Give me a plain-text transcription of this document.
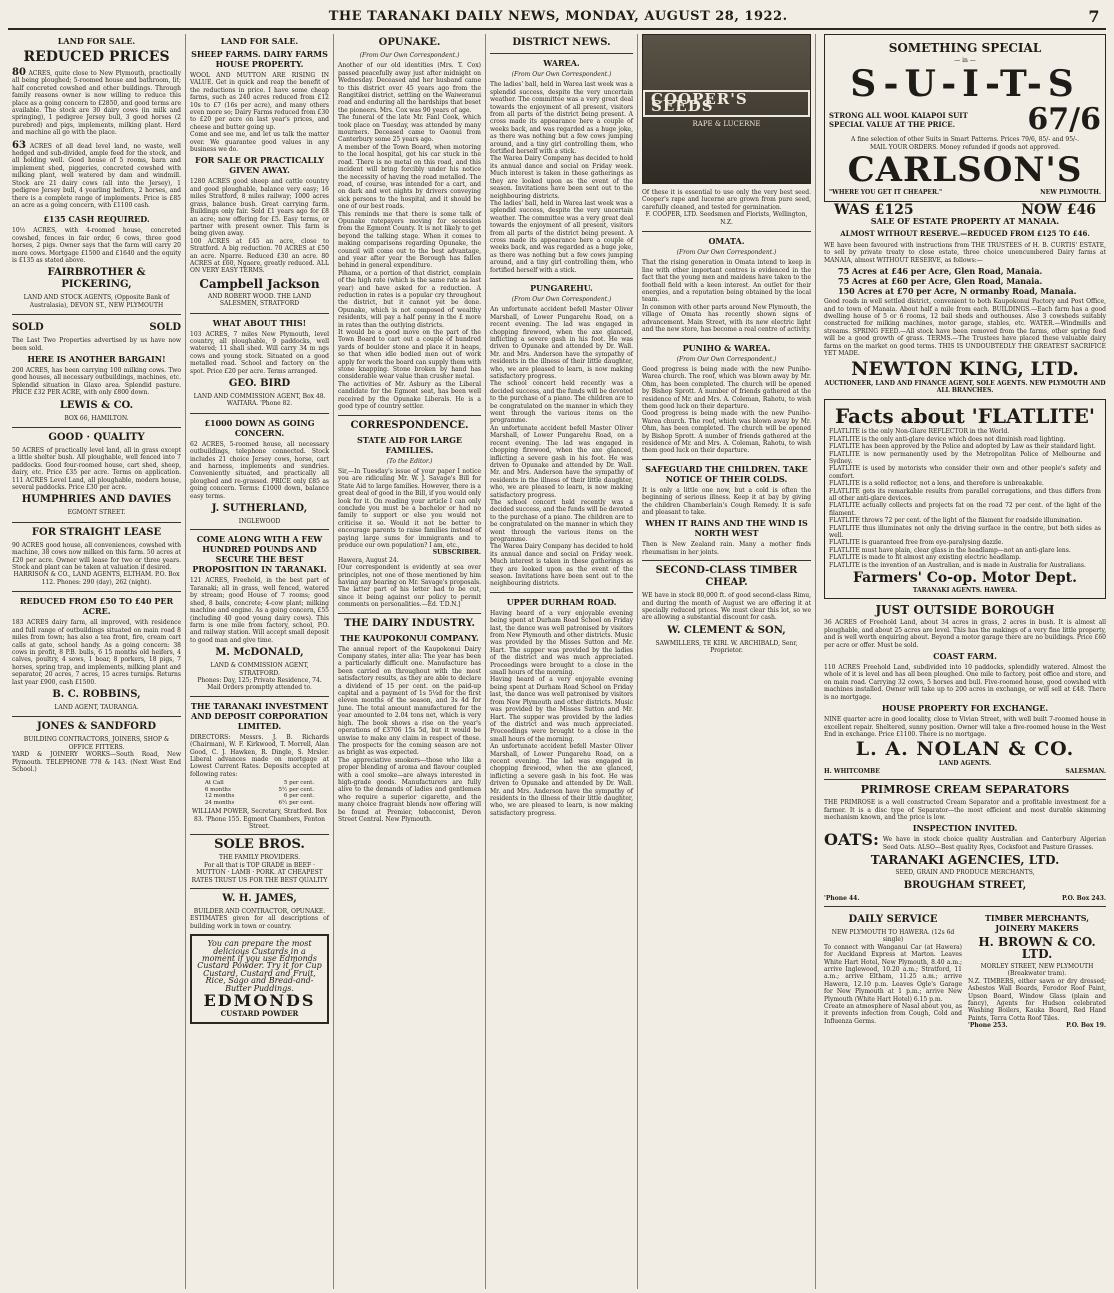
THE TARANAKI DAILY NEWS, MONDAY, AUGUST 28, 1922.	7
LAND FOR SALE.
REDUCED PRICES

80 ACRES, quite close to New Plymouth, practically all being ploughed; 5-roomed house and bathroom, lit; half concreted cowshed and other buildings. Through family reasons owner is now willing to reduce this place as a going concern to £2850, and good terms are available. The stock are 30 dairy cows (in milk and springing), 1 pedigree Jersey bull, 3 good horses (2 purebred) and pigs, implements, milking plant. Herd and machine all go with the place.

63 ACRES of all dead level land, no waste, well hedged and sub-divided, ample feed for the stock, and all holding well. Good house of 5 rooms, barn and implement shed, piggeries, concreted cowshed with milking plant, well watered by dam and windmill. Stock are 21 dairy cows (all into the Jersey), 1 pedigree Jersey bull, 4 yearling heifers, 2 horses, and there is a complete range of implements. Price is £85 an acre as a going concern, with £1100 cash.

£135 CASH REQUIRED.

10½ ACRES, with 4-roomed house, concreted cowshed, fences in fair order, 6 cows, three good horses, 2 pigs. Owner says that the farm will carry 20 more cows. Mortgage £1500 and £1640 and the equity is £135 as stated above.

FAIRBROTHER & PICKERING,
LAND AND STOCK AGENTS, (Opposite Bank of Australasia), DEVON ST., NEW PLYMOUTH
SOLD	SOLD

The Last Two Properties advertised by us have now been sold.

HERE IS ANOTHER BARGAIN!

200 ACRES, has been carrying 100 milking cows. Two good houses, all necessary outbuildings, machines, etc. Splendid situation in Glaxo area. Splendid pasture. PRICE £32 PER ACRE, with only £800 down.

LEWIS & CO.
BOX 66, HAMILTON.
GOOD · QUALITY

50 ACRES of practically level land, all in grass except a little shelter bush. All ploughable, well fenced into 7 paddocks. Good four-roomed house, cart shed, sheep, dairy, etc. Price £35 per acre. Terms on application. 111 ACRES Level Land, all ploughable, modern house, several paddocks. Price £30 per acre.

HUMPHRIES AND DAVIES
EGMONT STREET.
FOR STRAIGHT LEASE

90 ACRES good house, all conveniences, cowshed with machine, 38 cows now milked on this farm. 50 acres at £20 per acre. Owner will lease for two or three years. Stock and plant can be taken at valuation if desired.

HARRISON & CO., LAND AGENTS, ELTHAM. P.O. Box 112. Phones: 290 (day), 262 (night).
REDUCED FROM £50 TO £40 PER ACRE.

183 ACRES dairy farm, all improved, with residence and full range of outbuildings situated on main road 8 miles from town; has also a tea front, fire, cream cart calls at gate, school handy. As a going concern: 38 cows in profit, 8 P.B. bulls, 6 15 months old heifers, 4 calves, poultry, 4 sows, 1 boar, 8 porkers, 18 pigs, 7 horses, spring trap, and implements, milking plant and separator, 20 acres, 7 acres, 15 acres turnips. Returns last year £900, cash £1500.

B. C. ROBBINS,
LAND AGENT, TAURANGA.
JONES & SANDFORD
BUILDING CONTRACTORS, JOINERS, SHOP & OFFICE FITTERS.

YARD & JOINERY WORKS—South Road, New Plymouth. TELEPHONE 778 & 143. (Next West End School.)

LAND FOR SALE.
SHEEP FARMS. DAIRY FARMS HOUSE PROPERTY.

WOOL AND MUTTON ARE RISING IN VALUE. Get in quick and reap the benefit of the reductions in price. I have some cheap farms, such as 240 acres reduced from £12 10s to £7 (16s per acre), and many others even more so; Dairy Farms reduced from £30 to £20 per acre on last year's prices, and cheese and butter going up.

Come and see me, and let us talk the matter over. We guarantee good values in any business we do.

FOR SALE OR PRACTICALLY GIVEN AWAY.

1280 ACRES good sheep and cattle country and good ploughable, balance very easy; 16 miles Stratford, 8 miles railway; 1000 acres grass, balance bush. Great carrying farm. Buildings only fair. Sold £1 years ago for £8 an acre; now offering for £5. Easy terms, or partner with present owner. This farm is being given away.

100 ACRES at £45 an acre, close to Stratford. A big reduction. 70 ACRES at £50 an acre. Nparre. Reduced £30 an acre. 80 ACRES at £60, Ngaere, greatly reduced. ALL ON VERY EASY TERMS.

Campbell Jackson
AND ROBERT WOOD. THE LAND SALESMEN, STRATFORD
WHAT ABOUT THIS!

103 ACRES, 7 miles New Plymouth, level country, all ploughable, 9 paddocks, well watered; 11 shall shed. Will carry 34 m ngs cows and young stock. Situated on a good metalled road. School and factory on the spot. Price £20 per acre. Terms arranged.

GEO. BIRD
LAND AND COMMISSION AGENT, Box 48. WAITARA. 'Phone 82.
£1000 DOWN AS GOING CONCERN.

62 ACRES, 5-roomed house, all necessary outbuildings, telephone connected. Stock includes 21 choice Jersey cows, horse, cart and harness, implements and sundries. Conveniently situated, and practically all ploughed and re-grassed. PRICE only £85 as going concern. Terms: £1000 down, balance easy terms.

J. SUTHERLAND,
INGLEWOOD
COME ALONG WITH A FEW HUNDRED POUNDS AND SECURE THE BEST PROPOSITION IN TARANAKI.

121 ACRES, Freehold, in the best part of Taranaki; all in grass, well fenced, watered by stream; good House of 7 rooms; good shed, 8 bails, concrete; 4-cow plant; milking machine and engine. As a going concern, £55 (including 40 good young dairy cows). This farm is one mile from factory, school, P.O. and railway station. Will accept small deposit to good man and give time.

M. McDONALD,
LAND & COMMISSION AGENT, STRATFORD.

Phones: Day, 125; Private Residence, 74. Mail Orders promptly attended to.

THE TARANAKI INVESTMENT AND DEPOSIT CORPORATION LIMITED.

DIRECTORS: Messrs. J. B. Richards (Chairman), W. F. Kirkwood, T. Morrell, Alan Good, C. J. Hawken, R. Dingle, S. Mrsler. Liberal advances made on mortgage at Lowest Current Rates. Deposits accepted at following rates:

At Call	5 per cent.
6 months	5½ per cent.
12 months	6 per cent.
24 months	6½ per cent.

WILLIAM POWER, Secretary, Stratford. Box 83. 'Phone 155. Egmont Chambers, Fenton Street.

SOLE BROS.
THE FAMILY PROVIDERS.

For all that is TOP GRADE in BEEF · MUTTON · LAMB · PORK. AT CHEAPEST RATES TRUST US FOR THE BEST QUALITY

W. H. JAMES,
BUILDER AND CONTRACTOR, OPUNAKE.

ESTIMATES given for all descriptions of building work in town or country.

You can prepare the most delicious Custards in a moment if you use Edmonds Custard Powder. Try it for Cup Custard, Custard and Fruit, Rice, Sago and Bread-and-Butter Puddings.
EDMONDS
CUSTARD POWDER
OPUNAKE.
(From Our Own Correspondent.)

Another of our old identities (Mrs. T. Cox) passed peacefully away just after midnight on Wednesday. Deceased and her husband came to this district over 45 years ago from the Rangitikei district, settling on the Waiweranui road and enduring all the hardships that beset the pioneers. Mrs. Cox was 90 years of age.

The funeral of the late Mr. Fanl Cook, which took place on Tuesday, was attended by many mourners. Deceased came to Oaonui from Canterbury some 25 years ago.

A member of the Town Board, when motoring to the local hospital, got his car stuck in the road. There is no metal on this road, and this incident will bring forcibly under his notice the necessity of having the road metalled. The road, of course, was intended for a cart, and on dark and wet nights by drivers conveying sick persons to the hospital, and it should be one of our best roads.

This reminds me that there is some talk of Opunake ratepayers moving for secession from the Egmont County. It is not likely to get beyond the talking stage. When it comes to making comparisons regarding Opunake, the council will come out to the best advantage, and year after year the Borough has fallen behind in general expenditure.

Pihama, or a portion of that district, complain of the high rate (which is the same rate as last year) and have asked for a reduction. A reduction in rates is a popular cry throughout the district, but it cannot yet be done. Opunake, which is not composed of wealthy residents, will pay a half penny in the £ more in rates than the outlying districts.

It would be a good move on the part of the Town Board to cart out a couple of hundred yards of boulder stone and place it in heaps, so that when idle bodied men out of work apply for work the board can supply them with stone knapping. Stone broken by hand has considerable wear value than crusher metal.

The activities of Mr. Asbury as the Liberal candidate for the Egmont seat, has been well received by the Opunake Liberals. He is a good type of country settler.

CORRESPONDENCE.
STATE AID FOR LARGE FAMILIES.
(To the Editor.)

Sir,—In Tuesday's issue of your paper I notice you are ridiculing Mr. W. J. Savage's Bill for State Aid to large families. However, there is a great deal of good in the Bill, if you would only look for it. On reading your article I can only conclude you must be a bachelor or had no family to support or else you would not criticise it so. Would it not be better to encourage parents to raise families instead of paying large sums for immigrants and to produce our own population? I am, etc.,

SUBSCRIBER.

Hawera, August 24.

[Our correspondent is evidently at sea over principles, not one of those mentioned by him having any bearing on Mr. Savage's proposals. The latter part of his letter had to be cut, since it being against our policy to permit comments on personalities.—Ed. T.D.N.]

THE DAIRY INDUSTRY.
THE KAUPOKONUI COMPANY.

The annual report of the Kaupokonui Dairy Company states, inter alia: The year has been a particularly difficult one. Manufacture has been carried on throughout with the most satisfactory results, as they are able to declare a dividend of 15 per cent. on the paid-up capital and a payment of 1s 5¼d for the first eleven months of the season, and 3s 4d for June. The total amount manufactured for the year amounted to 2.04 tons net, which is very high. The book shows a rise on the year's operations of £3706 15s 5d, but it would be unwise to make any claim in respect of these. The prospects for the coming season are not as bright as was expected.

The appreciative smokers—those who like a proper blending of aroma and flavour coupled with a cool smoke—are always interested in high-grade goods. Manufacturers are fully alive to the demands of ladies and gentlemen who require a superior cigarette, and the many choice fragrant blends now offering will be found at Premier, tobacconist, Devon Street Central. New Plymouth.

DISTRICT NEWS.
WAREA.
(From Our Own Correspondent.)

The ladies' ball, held in Warea last week was a splendid success, despite the very uncertain weather. The committee was a very great deal towards the enjoyment of all present, visitors from all parts of the district being present. A cross made its appearance here a couple of weeks back, and was regarded as a huge joke, as there was nothing but a few cows jumping around, and a tiny girl controlling them, who fortified herself with a stick.

The Warea Dairy Company has decided to hold its annual dance and social on Friday week. Much interest is taken in these gatherings as they are looked upon as the event of the season. Invitations have been sent out to the neighbouring districts.

The ladies' ball, held in Warea last week was a splendid success, despite the very uncertain weather. The committee was a very great deal towards the enjoyment of all present, visitors from all parts of the district being present. A cross made its appearance here a couple of weeks back, and was regarded as a huge joke, as there was nothing but a few cows jumping around, and a tiny girl controlling them, who fortified herself with a stick.

PUNGAREHU.
(From Our Own Correspondent.)

An unfortunate accident befell Master Oliver Marshall, of Lower Pungarehu Road, on a recent evening. The lad was engaged in chopping firewood, when the axe glanced, inflicting a severe gash in his foot. He was driven to Opunake and attended by Dr. Wall. Mr. and Mrs. Anderson have the sympathy of residents in the illness of their little daughter, who, we are pleased to learn, is now making satisfactory progress.

The school concert held recently was a decided success, and the funds will be devoted to the purchase of a piano. The children are to be congratulated on the manner in which they went through the various items on the programme.

An unfortunate accident befell Master Oliver Marshall, of Lower Pungarehu Road, on a recent evening. The lad was engaged in chopping firewood, when the axe glanced, inflicting a severe gash in his foot. He was driven to Opunake and attended by Dr. Wall. Mr. and Mrs. Anderson have the sympathy of residents in the illness of their little daughter, who, we are pleased to learn, is now making satisfactory progress.

The school concert held recently was a decided success, and the funds will be devoted to the purchase of a piano. The children are to be congratulated on the manner in which they went through the various items on the programme.

The Warea Dairy Company has decided to hold its annual dance and social on Friday week. Much interest is taken in these gatherings as they are looked upon as the event of the season. Invitations have been sent out to the neighbouring districts.

UPPER DURHAM ROAD.

Having heard of a very enjoyable evening being spent at Durham Road School on Friday last, the dance was well patronised by visitors from New Plymouth and other districts. Music was provided by the Misses Sutton and Mr. Hart. The supper was provided by the ladies of the district and was much appreciated. Proceedings were brought to a close in the small hours of the morning.

Having heard of a very enjoyable evening being spent at Durham Road School on Friday last, the dance was well patronised by visitors from New Plymouth and other districts. Music was provided by the Misses Sutton and Mr. Hart. The supper was provided by the ladies of the district and was much appreciated. Proceedings were brought to a close in the small hours of the morning.

An unfortunate accident befell Master Oliver Marshall, of Lower Pungarehu Road, on a recent evening. The lad was engaged in chopping firewood, when the axe glanced, inflicting a severe gash in his foot. He was driven to Opunake and attended by Dr. Wall. Mr. and Mrs. Anderson have the sympathy of residents in the illness of their little daughter, who, we are pleased to learn, is now making satisfactory progress.

COOPER'S SEEDS
RAPE & LUCERNE

Of these it is essential to use only the very best seed. Cooper's rape and lucerne are grown from pure seed, carefully cleaned, and tested for germination.

F. COOPER, LTD. Seedsmen and Florists, Wellington, N.Z.
OMATA.
(From Our Own Correspondent.)

That the rising generation in Omata intend to keep in line with other important centres is evidenced in the fact that the young men and maidens have taken to the football field with a keen interest. An outlet for their energies, and a reputation being obtained by the local team.

In common with other parts around New Plymouth, the village of Omata has recently shown signs of advancement. Main Street, with its new electric light and the new store, has become a real centre of activity.

PUNIHO & WAREA.
(From Our Own Correspondent.)

Good progress is being made with the new Puniho-Warea church. The roof, which was blown away by Mr. Ohm, has been completed. The church will be opened by Bishop Sprott. A number of friends gathered at the residence of Mr. and Mrs. A. Coleman, Rahotu, to wish them good luck on their departure.

Good progress is being made with the new Puniho-Warea church. The roof, which was blown away by Mr. Ohm, has been completed. The church will be opened by Bishop Sprott. A number of friends gathered at the residence of Mr. and Mrs. A. Coleman, Rahotu, to wish them good luck on their departure.

SAFEGUARD THE CHILDREN. TAKE NOTICE OF THEIR COLDS.

It is only a little one now, but a cold is often the beginning of serious illness. Keep it at bay by giving the children Chamberlain's Cough Remedy. It is safe and pleasant to take.

WHEN IT RAINS AND THE WIND IS NORTH WEST

Then is New Zealand rain. Many a mother finds rheumatism in her joints.

SECOND-CLASS TIMBER CHEAP.

WE have in stock 80,000 ft. of good second-class Rimu, and during the month of August we are offering it at specially reduced prices. We must clear this lot, so we are allowing a substantial discount for cash.

W. CLEMENT & SON,
SAWMILLERS, TE KIRI. W. ARCHIBALD, Senr, Proprietor.
SOMETHING SPECIAL
— in —
S-U-I-T-S
STRONG ALL WOOL KAIAPOI SUIT SPECIAL VALUE AT THE PRICE.	67/6
A fine selection of other Suits in Smart Patterns. Prices 79/6, 85/- and 95/-.
MAIL YOUR ORDERS. Money refunded if goods not approved.
CARLSON'S
"WHERE YOU GET IT CHEAPER."	NEW PLYMOUTH.
WAS £125	NOW £46
SALE OF ESTATE PROPERTY AT MANAIA.
ALMOST WITHOUT RESERVE.—REDUCED FROM £125 TO £46.

WE have been favoured with instructions from THE TRUSTEES of H. B. CURTIS' ESTATE, to sell by private treaty to close estate, three choice unencumbered Dairy farms at MANAIA, almost WITHOUT RESERVE, as follows:—

75 Acres at £46 per Acre, Glen Road, Manaia.
75 Acres at £60 per Acre, Glen Road, Manaia.
150 Acres at £70 per Acre, N ormanby Road, Manaia.

Good roads in well settled district, convenient to both Kaupokonui Factory and Post Office, and to town of Manaia. About half a mile from each. BUILDINGS.—Each farm has a good dwelling house of 5 or 6 rooms, 12 bail sheds and outhouses. Also 3 cowsheds suitably constructed for milking machines, motor garage, stables, etc. WATER.—Windmills and streams. SPRING FEED.—All stock have been removed from the farms, other spring feed will be a good growth of grass. TERMS.—The Trustees have placed these valuable dairy farms on the market on good terms. THIS IS UNDOUBTEDLY THE GREATEST SACRIFICE YET MADE.

NEWTON KING, LTD.
AUCTIONEER, LAND AND FINANCE AGENT, SOLE AGENTS. NEW PLYMOUTH AND ALL BRANCHES.
Facts about 'FLATLITE'
FLATLITE is the only Non-Glare REFLECTOR in the World.
FLATLITE is the only anti-glare device which does not diminish road lighting.
FLATLITE has been approved by the Police and adopted by Law as their standard light.
FLATLITE is now permanently used by the Metropolitan Police of Melbourne and Sydney.
FLATLITE is used by motorists who consider their own and other people's safety and comfort.
FLATLITE is a solid reflector, not a lens, and therefore is unbreakable.
FLATLITE gets its remarkable results from parallel corrugations, and thus differs from all other anti-glare devices.
FLATLITE actually collects and projects fat on the road 72 per cent. of the light of the filament.
FLATLITE throws 72 per cent. of the light of the filament for roadside illumination.
FLATLITE thus illuminates not only the driving surface in the centre, but both sides as well.
FLATLITE is guaranteed free from eye-paralysing dazzle.
FLATLITE must have plain, clear glass in the headlamp—not an anti-glare lens.
FLATLITE is made to fit almost any existing electric headlamp.
FLATLITE is the invention of an Australian, and is made in Australia for Australians.
Farmers' Co-op. Motor Dept.
TARANAKI AGENTS. HAWERA.
JUST OUTSIDE BOROUGH

36 ACRES of Freehold Land, about 34 acres in grass, 2 acres in bush. It is almost all ploughable, and about 25 acres are level. This has the makings of a very fine little property, and is well worth enquiring about. Beyond a motor garage there are no buildings. Price £60 per acre or offer. Must be sold.

COAST FARM.

110 ACRES Freehold Land, subdivided into 10 paddocks, splendidly watered. Almost the whole of it is level and has all been ploughed. One mile to factory, post office and store, and on main road. Carrying 32 cows, 5 horses and bull. Five-roomed house, good cowshed with machines installed. Owner will take up to 200 acres in exchange, or will sell at £48. There is no mortgage.

HOUSE PROPERTY FOR EXCHANGE.

NINE quarter acre in good locality, close to Vivian Street, with well built 7-roomed house in excellent repair. Sheltered, sunny position. Owner will take a five-roomed house in the West End in exchange. Price £1100. There is no mortgage.

L. A. NOLAN & CO.
LAND AGENTS.
H. WHITCOMBE	SALESMAN.
PRIMROSE CREAM SEPARATORS

THE PRIMROSE is a well constructed Cream Separator and a profitable investment for a farmer. It is a disc type of Separator—the most efficient and most durable skimming mechanism known, and the price is low.

INSPECTION INVITED.
OATS: We have in stock choice quality Australian and Canterbury Algerian Seed Oats. ALSO—Best quality Ryes, Cocksfoot and Pasture Grasses.

TARANAKI AGENCIES, LTD.
SEED, GRAIN AND PRODUCE MERCHANTS,
BROUGHAM STREET,
'Phone 44.	P.O. Box 243.
DAILY SERVICE
NEW PLYMOUTH TO HAWERA. (12s 6d single)

To connect with Wanganui Car (at Hawera) for Auckland Express at Marton. Leaves White Hart Hotel, New Plymouth, 8.40 a.m.; arrive Inglewood, 10.20 a.m.; Stratford, 11 a.m.; arrive Eltham, 11.25 a.m.; arrive Hawera, 12.10 p.m. Leaves Ogle's Garage for New Plymouth at 1 p.m.; arrive New Plymouth (White Hart Hotel) 6.15 p.m.

Create an atmosphere of Nasal about you, as it prevents infection from Cough, Cold and Influenza Germs.

TIMBER MERCHANTS, JOINERY MAKERS
H. BROWN & CO. LTD.
MORLEY STREET, NEW PLYMOUTH (Breakwater tram).

N.Z. TIMBERS, either sawn or dry dressed; Asbestos Wall Boards, Ferodor Roof Paint, Upson Board, Window Glass (plain and fancy), Agents for Hudson celebrated Washing Boilers, Kauka Board, Red Hand Paints, Terra Cotta Roof Tiles.

'Phone 253.	P.O. Box 19.
